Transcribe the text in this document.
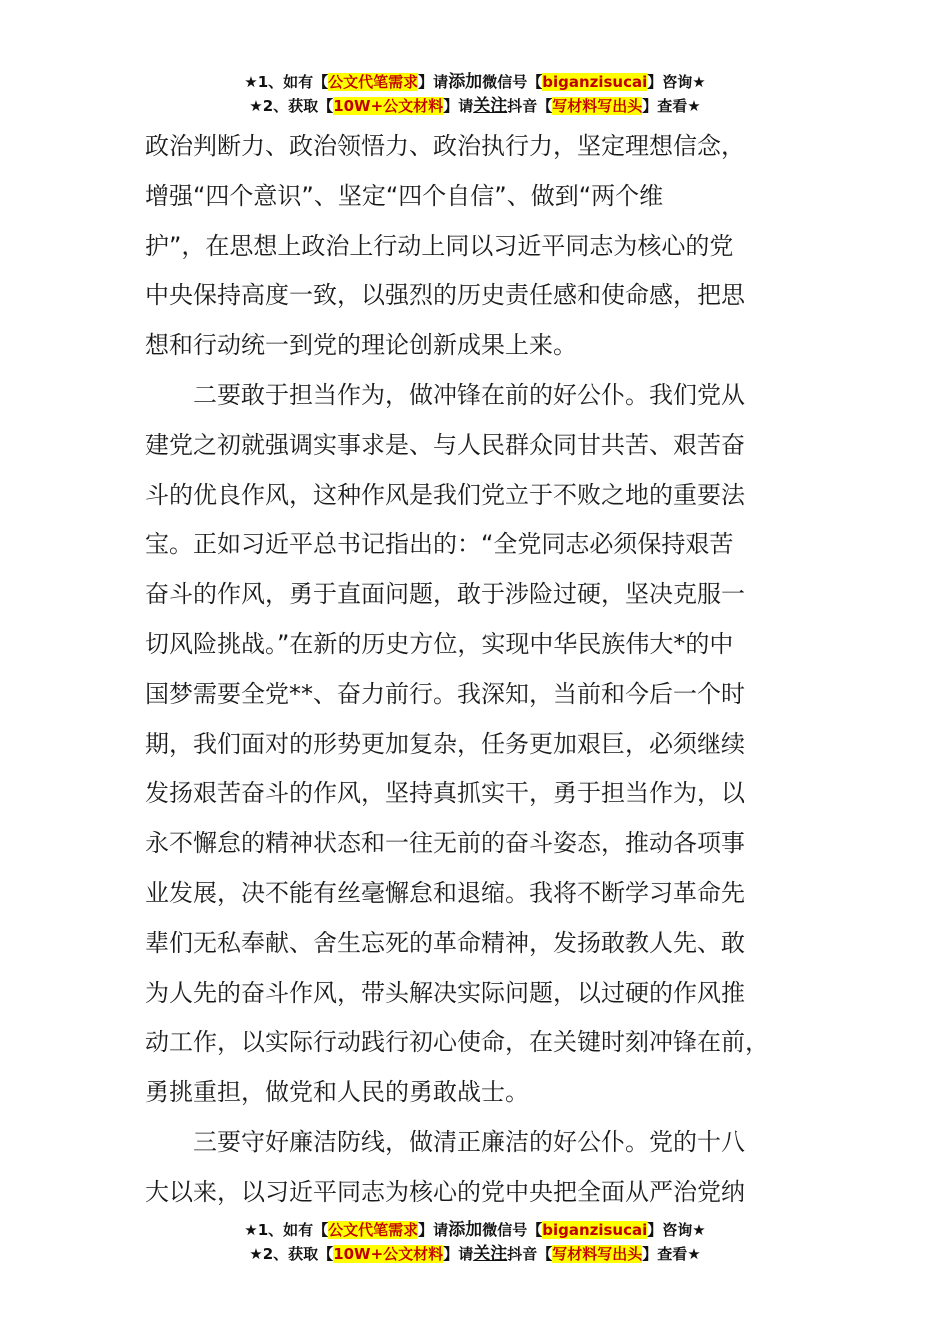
★1、如有【公文代笔需求】请添加微信号【biganzisucai】咨询★
★2、获取【10W+公文材料】请关注抖音【写材料写出头】查看★
政治判断力、政治领悟力、政治执行力，坚定理想信念，
增强“四个意识”、坚定“四个自信”、做到“两个维
护”，在思想上政治上行动上同以习近平同志为核心的党
中央保持高度一致，以强烈的历史责任感和使命感，把思
想和行动统一到党的理论创新成果上来。
　　二要敢于担当作为，做冲锋在前的好公仆。我们党从
建党之初就强调实事求是、与人民群众同甘共苦、艰苦奋
斗的优良作风，这种作风是我们党立于不败之地的重要法
宝。正如习近平总书记指出的：“全党同志必须保持艰苦
奋斗的作风，勇于直面问题，敢于涉险过硬，坚决克服一
切风险挑战。”在新的历史方位，实现中华民族伟大*的中
国梦需要全党**、奋力前行。我深知，当前和今后一个时
期，我们面对的形势更加复杂，任务更加艰巨，必须继续
发扬艰苦奋斗的作风，坚持真抓实干，勇于担当作为，以
永不懈怠的精神状态和一往无前的奋斗姿态，推动各项事
业发展，决不能有丝毫懈怠和退缩。我将不断学习革命先
辈们无私奉献、舍生忘死的革命精神，发扬敢教人先、敢
为人先的奋斗作风，带头解决实际问题，以过硬的作风推
动工作，以实际行动践行初心使命，在关键时刻冲锋在前，
勇挑重担，做党和人民的勇敢战士。
　　三要守好廉洁防线，做清正廉洁的好公仆。党的十八
大以来，以习近平同志为核心的党中央把全面从严治党纳
★1、如有【公文代笔需求】请添加微信号【biganzisucai】咨询★
★2、获取【10W+公文材料】请关注抖音【写材料写出头】查看★
